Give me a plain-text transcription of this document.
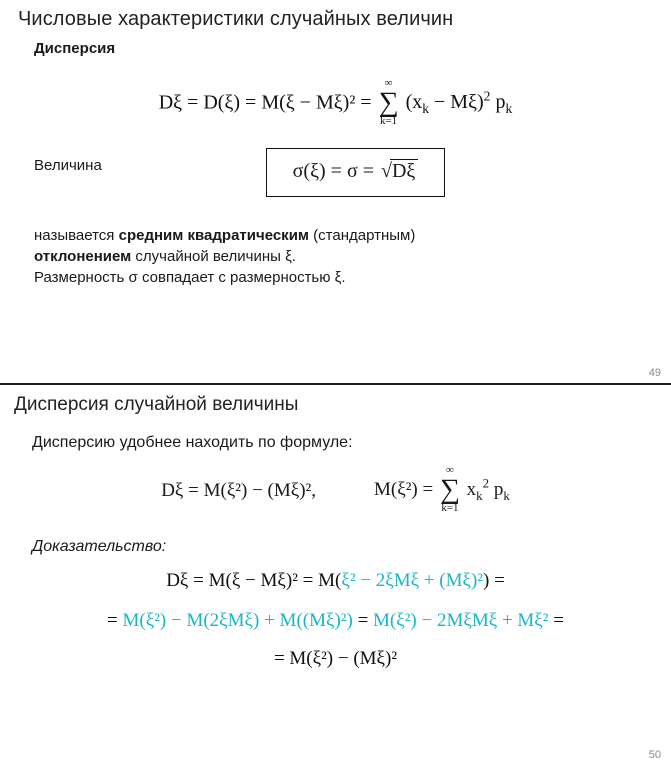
Числовые характеристики случайных величин
Дисперсия
Dξ = D(ξ) = M(ξ − Mξ)² =
∞
∑
k=1
$(x_k - M\xi)^2$ $p_k$
Величина	σ(ξ) = σ = √Dξ
называется средним квадратическим (стандартным)
отклонением случайной величины ξ.
Размерность σ совпадает с размерностью ξ.
49
Дисперсия случайной величины
Дисперсию удобнее находить по формуле:
Dξ = M(ξ²) − (Mξ)²,	M(ξ²) =
∞
∑
k=1
$x_k^2$ $p_k$
Доказательство:
Dξ = M(ξ − Mξ)² = M(ξ² − 2ξMξ + (Mξ)²) =
= M(ξ²) − M(2ξMξ) + M((Mξ)²) = M(ξ²) − 2MξMξ + Mξ² =
= M(ξ²) − (Mξ)²
50
